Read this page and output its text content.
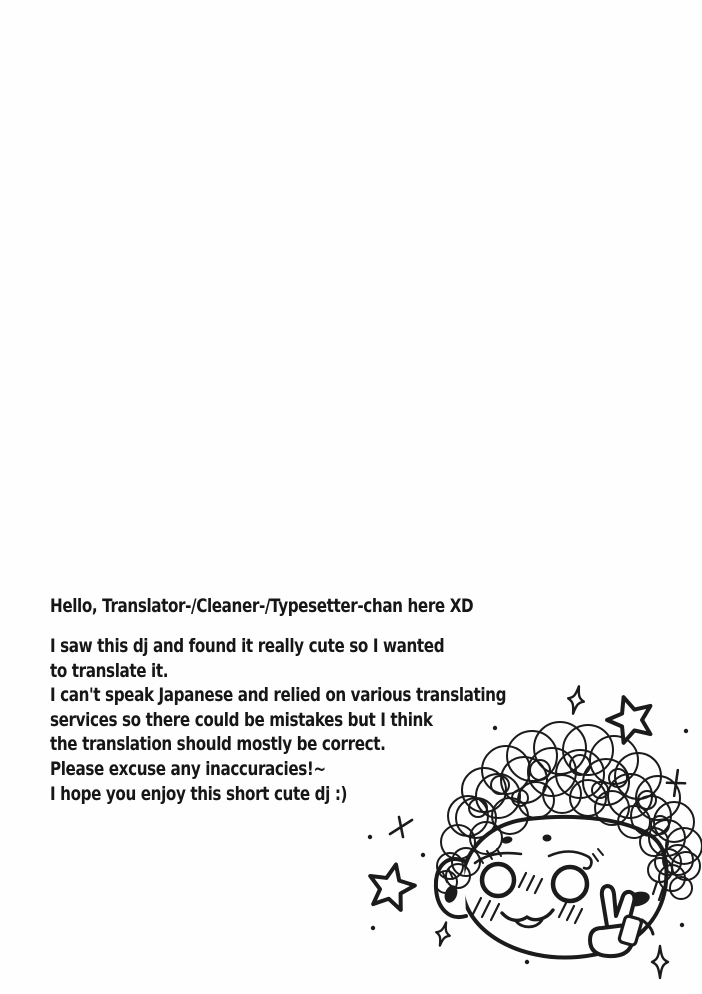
Hello, Translator-/Cleaner-/Typesetter-chan here XD
I saw this dj and found it really cute so I wanted
to translate it.
I can't speak Japanese and relied on various translating
services so there could be mistakes but I think
the translation should mostly be correct.
Please excuse any inaccuracies!~
I hope you enjoy this short cute dj :)
